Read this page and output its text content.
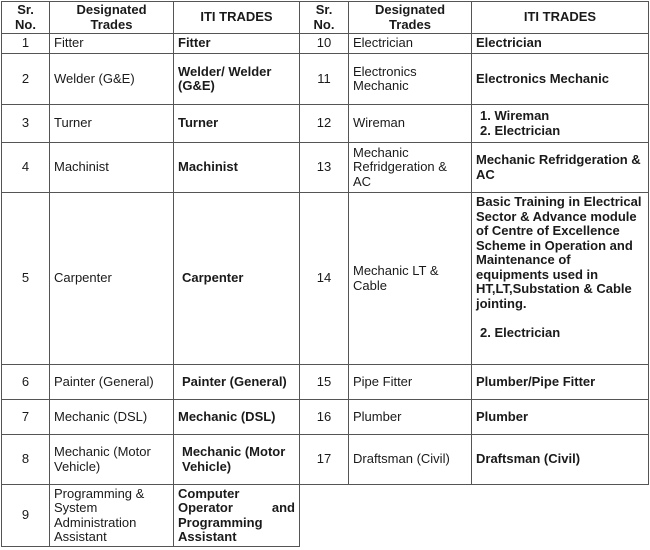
Sr. No.	Designated Trades	ITI TRADES	Sr. No.	Designated Trades	ITI TRADES
1	Fitter	Fitter	10	Electrician	Electrician
2	Welder (G&E)	Welder/ Welder (G&E)	11	Electronics Mechanic	Electronics Mechanic
3	Turner	Turner	12	Wireman	1. Wireman
2. Electrician

4	Machinist	Machinist	13	Mechanic Refridgeration & AC	Mechanic Refridgeration & AC
5	Carpenter	Carpenter	14	Mechanic LT & Cable	Basic Training in Electrical Sector & Advance module of Centre of Excellence Scheme in Operation and Maintenance of equipments used in HT,LT,Substation & Cable jointing.
2. Electrician

6	Painter (General)	Painter (General)	15	Pipe Fitter	Plumber/Pipe Fitter
7	Mechanic (DSL)	Mechanic (DSL)	16	Plumber	Plumber
8	Mechanic (Motor Vehicle)	Mechanic (Motor Vehicle)	17	Draftsman (Civil)	Draftsman (Civil)
9	Programming & System Administration Assistant	Computer Operator and Programming Assistant			
